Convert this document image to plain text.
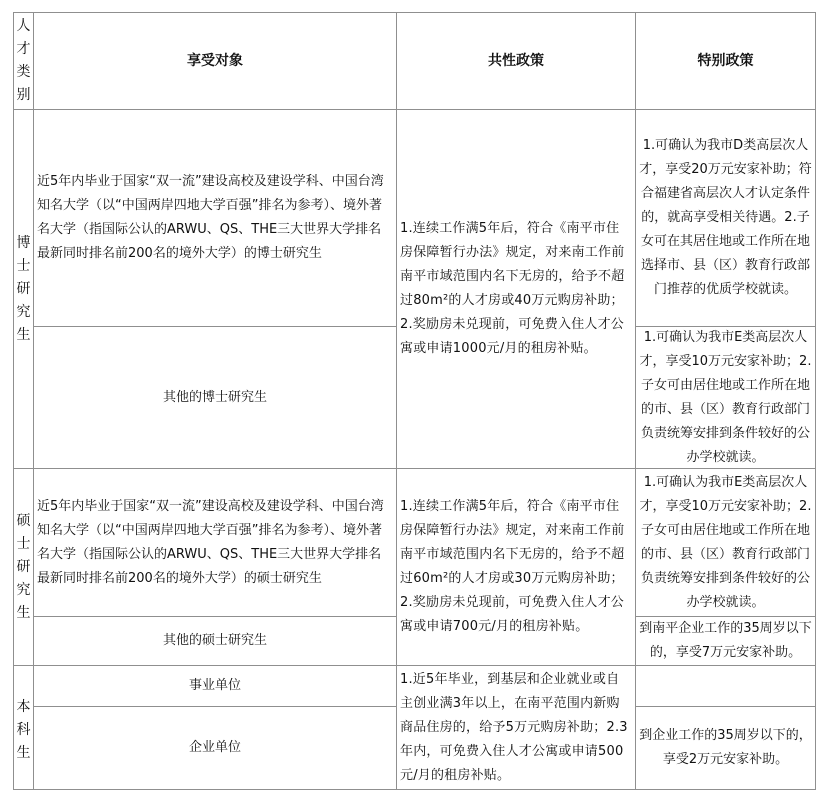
人才类别
享受对象	共性政策	特别政策
博士研究生
近5年内毕业于国家“双一流”建设高校及建设学科、中国台湾知名大学（以“中国两岸四地大学百强”排名为参考）、境外著名大学（指国际公认的ARWU、QS、THE三大世界大学排名最新同时排名前200名的境外大学）的博士研究生
其他的博士研究生
1.连续工作满5年后，符合《南平市住房保障暂行办法》规定，对来南工作前南平市域范围内名下无房的，给予不超过80m²的人才房或40万元购房补助；2.奖励房未兑现前，可免费入住人才公寓或申请1000元/月的租房补贴。
1.可确认为我市D类高层次人才，享受20万元安家补助；符合福建省高层次人才认定条件的，就高享受相关待遇。2.子女可在其居住地或工作所在地选择市、县（区）教育行政部门推荐的优质学校就读。
1.可确认为我市E类高层次人才，享受10万元安家补助；2.子女可由居住地或工作所在地的市、县（区）教育行政部门负责统筹安排到条件较好的公办学校就读。
硕士研究生
近5年内毕业于国家“双一流”建设高校及建设学科、中国台湾知名大学（以“中国两岸四地大学百强”排名为参考）、境外著名大学（指国际公认的ARWU、QS、THE三大世界大学排名最新同时排名前200名的境外大学）的硕士研究生
其他的硕士研究生
1.连续工作满5年后，符合《南平市住房保障暂行办法》规定，对来南工作前南平市域范围内名下无房的，给予不超过60m²的人才房或30万元购房补助；2.奖励房未兑现前，可免费入住人才公寓或申请700元/月的租房补贴。
1.可确认为我市E类高层次人才，享受10万元安家补助；2.子女可由居住地或工作所在地的市、县（区）教育行政部门负责统筹安排到条件较好的公办学校就读。
到南平企业工作的35周岁以下的，享受7万元安家补助。
本科生
事业单位
企业单位
1.近5年毕业，到基层和企业就业或自主创业满3年以上，在南平范围内新购商品住房的，给予5万元购房补助；2.3年内，可免费入住人才公寓或申请500元/月的租房补贴。
到企业工作的35周岁以下的，享受2万元安家补助。
